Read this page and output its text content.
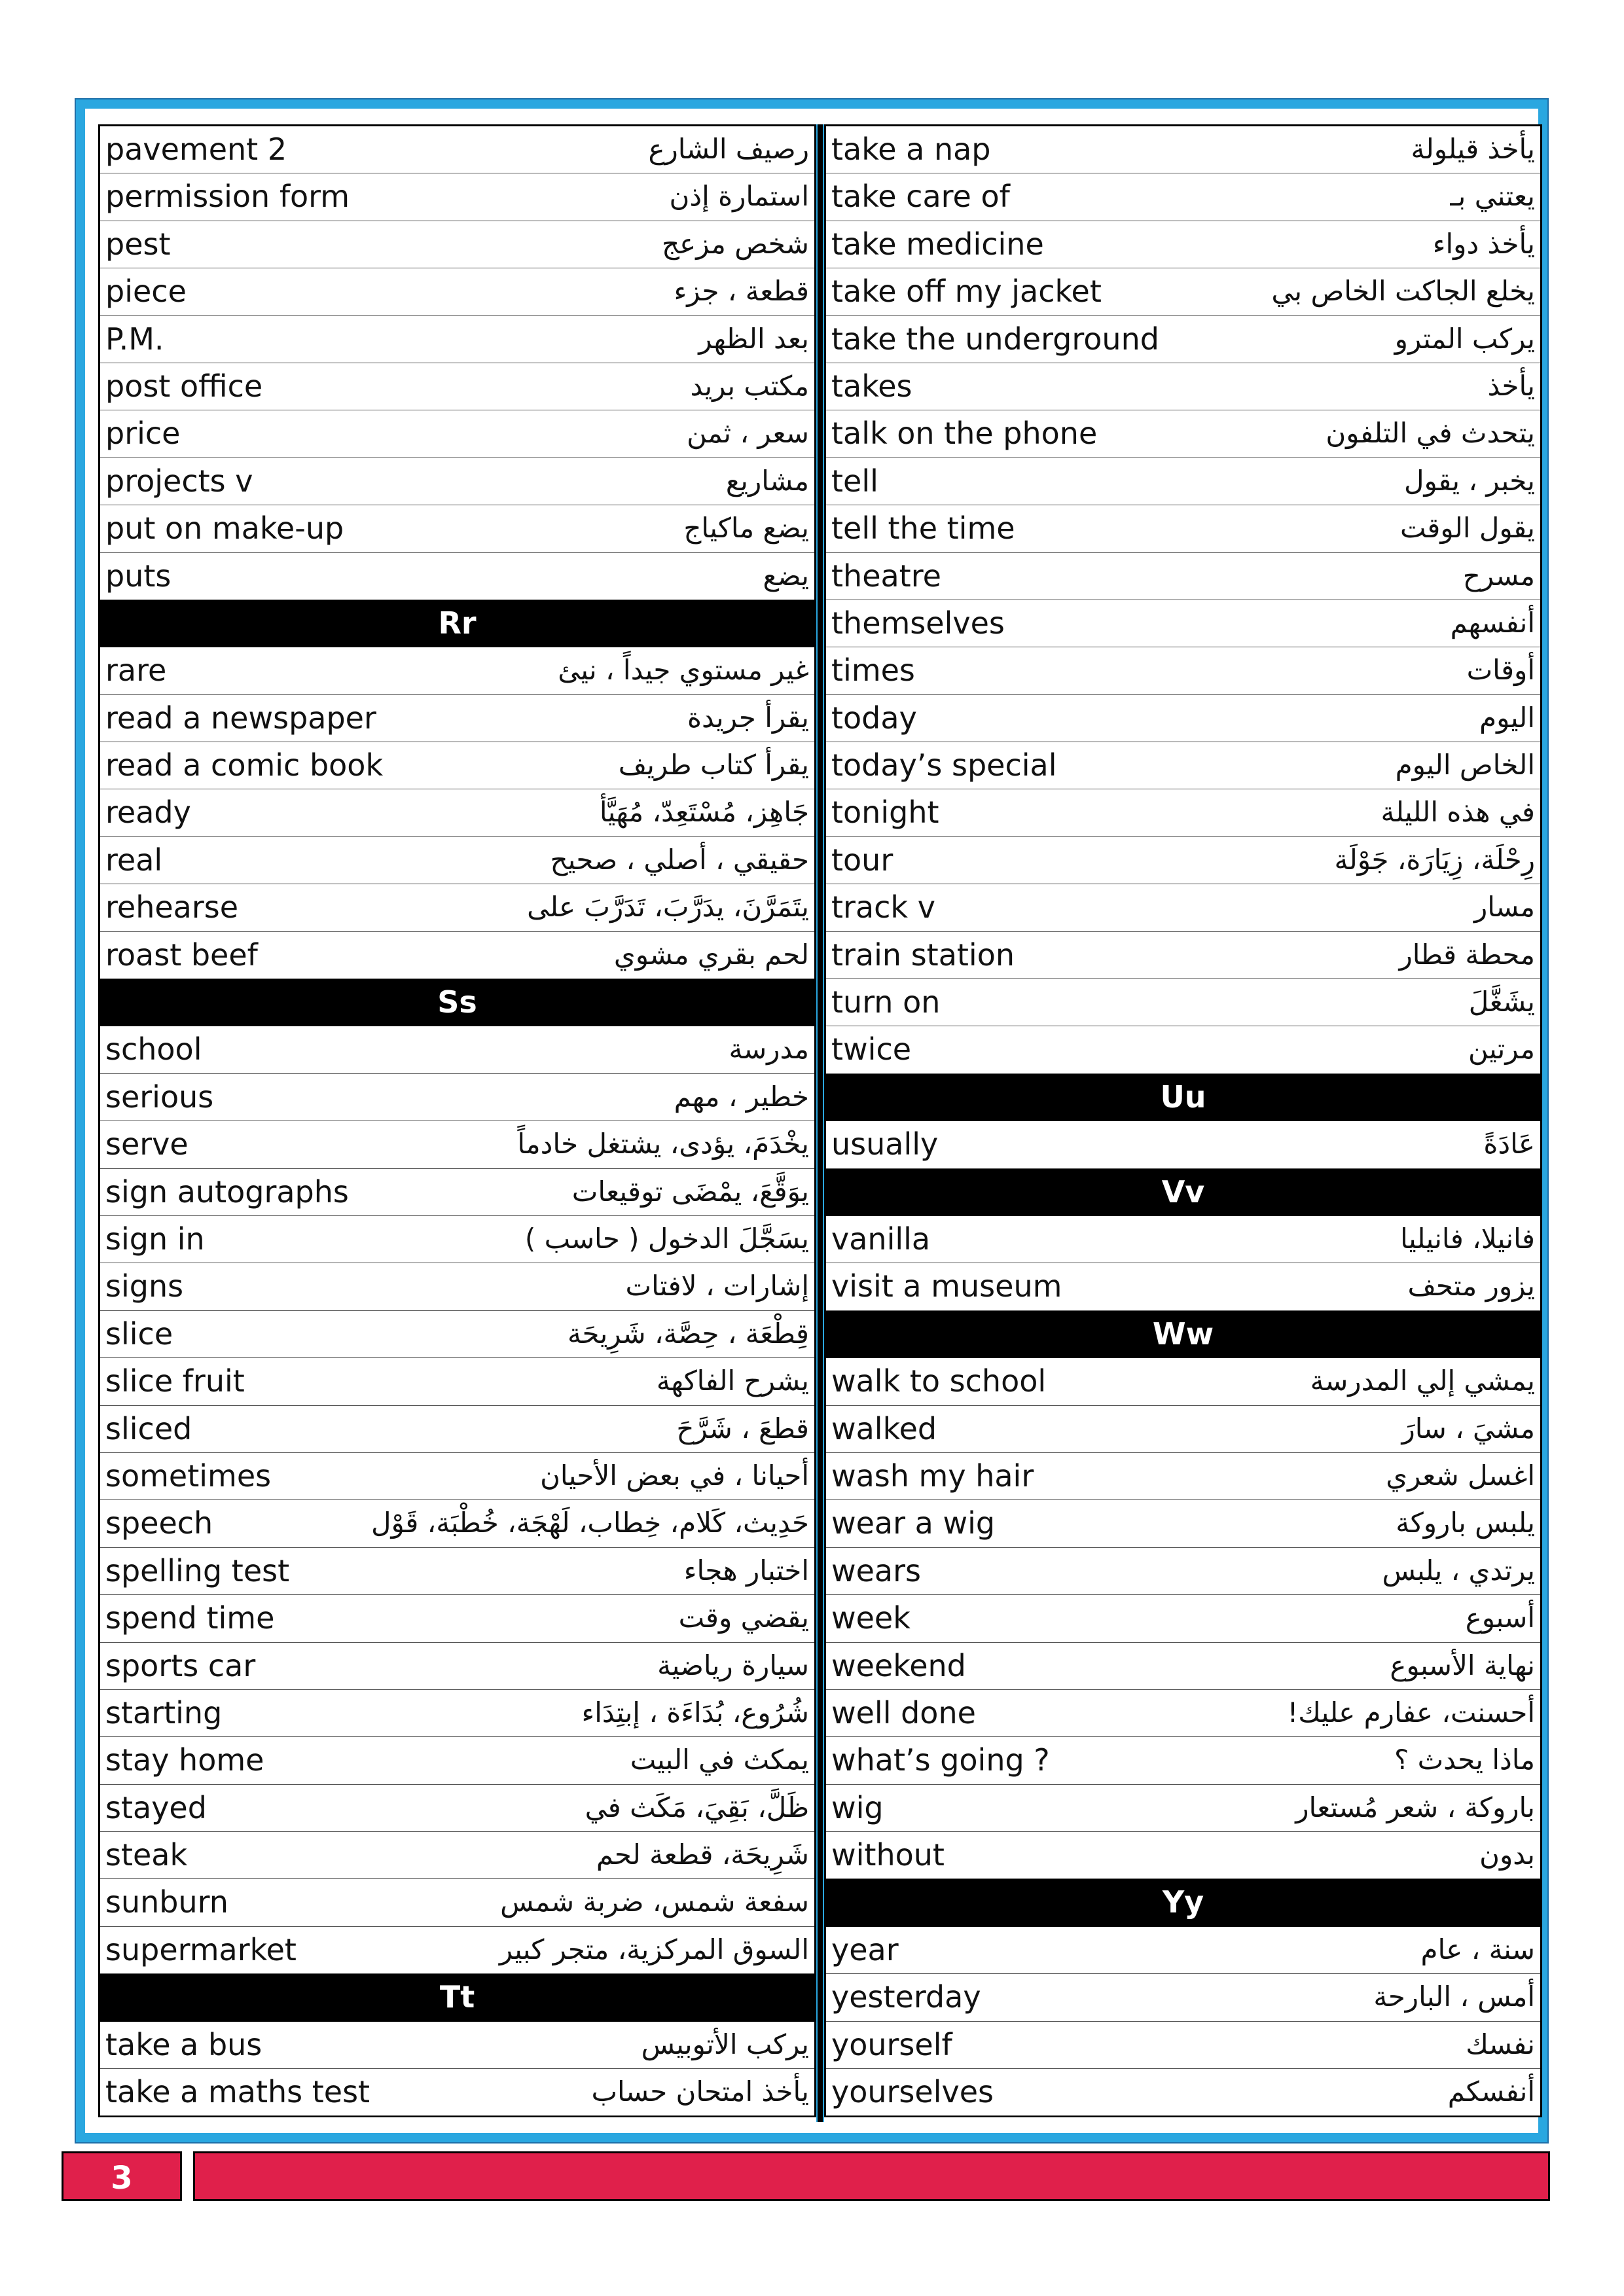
pavement 2	رصيف الشارع
permission form	استمارة إذن
pest	شخص مزعج
piece	قطعة ، جزء
P.M.	بعد الظهر
post office	مكتب بريد
price	سعر ، ثمن
projects v	مشاريع
put on make-up	يضع ماكياج
puts	يضع
Rr
rare	غير مستوي جيداً ، نيئ
read a newspaper	يقرأ جريدة
read a comic book	يقرأ كتاب طريف
ready	جَاهِز، مُسْتَعِدّ، مُهَيَّأ
real	حقيقي ، أصلي ، صحيح
rehearse	يتَمَرَّنَ، يدَرَّبَ، تَدَرَّبَ على
roast beef	لحم بقري مشوي
Ss
school	مدرسة
serious	خطير ، مهم
serve	يخْدَمَ، يؤدى، يشتغل خادماً
sign autographs	يوَقَّعَ، يمْضَى توقيعات
sign in	يسَجَّلَ الدخول ( حاسب )
signs	إشارات ، لافتات
slice	قِطْعَة ، حِصَّة، شَرِيحَة
slice fruit	يشرح الفاكهة
sliced	قطعَ ، شَرَّحَ
sometimes	أحيانا ، في بعض الأحيان
speech	حَدِيث، كَلام، خِطاب، لَهْجَة، خُطْبَة، قَوْل
spelling test	اختبار هجاء
spend time	يقضي وقت
sports car	سيارة رياضية
starting	شُرُوع، بُدَاءَة ، إبتِدَاء
stay home	يمكث في البيت
stayed	ظَلَّ، بَقِيَ، مَكَث في
steak	شَرِيحَة، قطعة لحم
sunburn	سفعة شمس، ضربة شمس
supermarket	السوق المركزية، متجر كبير
Tt
take a bus	يركب الأتوبيس
take a maths test	يأخذ امتحان حساب
take a nap	يأخذ قيلولة
take care of	يعتني بـ
take medicine	يأخذ دواء
take off my jacket	يخلع الجاكت الخاص بي
take the underground	يركب المترو
takes	يأخذ
talk on the phone	يتحدث في التلفون
tell	يخبر ، يقول
tell the time	يقول الوقت
theatre	مسرح
themselves	أنفسهم
times	أوقات
today	اليوم
today’s special	الخاص اليوم
tonight	في هذه الليلة
tour	رِحْلَة، زِيَارَة، جَوْلَة
track v	مسار
train station	محطة قطار
turn on	يشَغَّلَ
twice	مرتين
Uu
usually	عَادَةً
Vv
vanilla	فانيلا، فانيليا
visit a museum	يزور متحف
Ww
walk to school	يمشي إلي المدرسة
walked	مشيَ ، سارَ
wash my hair	اغسل شعري
wear a wig	يلبس باروكة
wears	يرتدي ، يلبس
week	أسبوع
weekend	نهاية الأسبوع
well done	أحسنت، عفارم عليك!
what’s going ?	ماذا يحدث ؟
wig	باروكة ، شعر مُستعار
without	بدون
Yy
year	سنة ، عام
yesterday	أمس ، البارحة
yourself	نفسك
yourselves	أنفسكم
3
